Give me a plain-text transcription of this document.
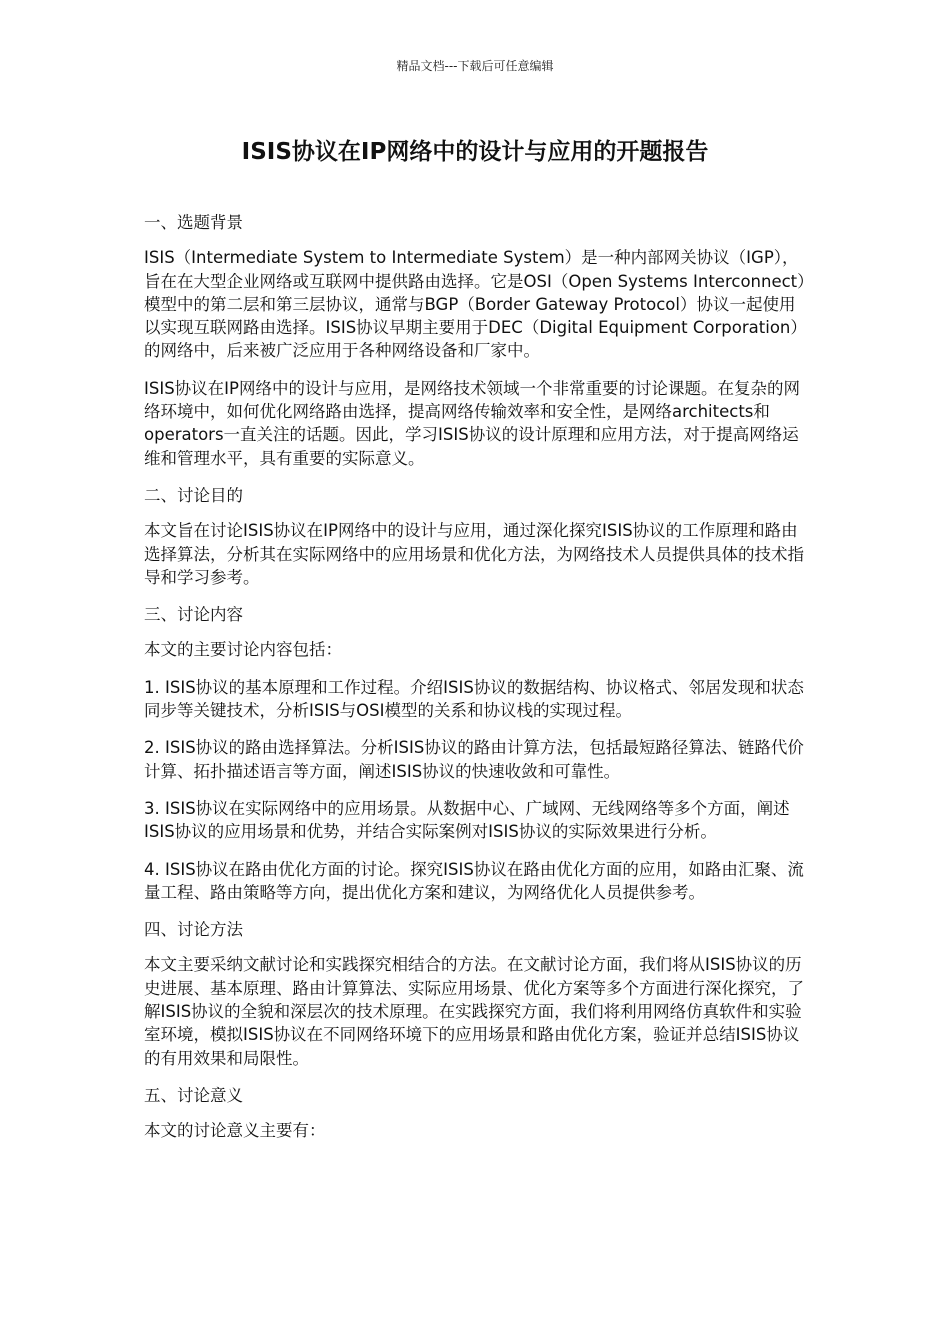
精品文档---下载后可任意编辑
ISIS协议在IP网络中的设计与应用的开题报告

一、选题背景

ISIS（Intermediate System to Intermediate System）是一种内部网关协议（IGP），旨在在大型企业网络或互联网中提供路由选择。它是OSI（Open Systems Interconnect）模型中的第二层和第三层协议，通常与BGP（Border Gateway Protocol）协议一起使用以实现互联网路由选择。ISIS协议早期主要用于DEC（Digital Equipment Corporation）的网络中，后来被广泛应用于各种网络设备和厂家中。

ISIS协议在IP网络中的设计与应用，是网络技术领域一个非常重要的讨论课题。在复杂的网络环境中，如何优化网络路由选择，提高网络传输效率和安全性，是网络architects和operators一直关注的话题。因此，学习ISIS协议的设计原理和应用方法，对于提高网络运维和管理水平，具有重要的实际意义。

二、讨论目的

本文旨在讨论ISIS协议在IP网络中的设计与应用，通过深化探究ISIS协议的工作原理和路由选择算法，分析其在实际网络中的应用场景和优化方法，为网络技术人员提供具体的技术指导和学习参考。

三、讨论内容

本文的主要讨论内容包括：

1. ISIS协议的基本原理和工作过程。介绍ISIS协议的数据结构、协议格式、邻居发现和状态同步等关键技术，分析ISIS与OSI模型的关系和协议栈的实现过程。

2. ISIS协议的路由选择算法。分析ISIS协议的路由计算方法，包括最短路径算法、链路代价计算、拓扑描述语言等方面，阐述ISIS协议的快速收敛和可靠性。

3. ISIS协议在实际网络中的应用场景。从数据中心、广域网、无线网络等多个方面，阐述ISIS协议的应用场景和优势，并结合实际案例对ISIS协议的实际效果进行分析。

4. ISIS协议在路由优化方面的讨论。探究ISIS协议在路由优化方面的应用，如路由汇聚、流量工程、路由策略等方向，提出优化方案和建议，为网络优化人员提供参考。

四、讨论方法

本文主要采纳文献讨论和实践探究相结合的方法。在文献讨论方面，我们将从ISIS协议的历史进展、基本原理、路由计算算法、实际应用场景、优化方案等多个方面进行深化探究，了解ISIS协议的全貌和深层次的技术原理。在实践探究方面，我们将利用网络仿真软件和实验室环境，模拟ISIS协议在不同网络环境下的应用场景和路由优化方案，验证并总结ISIS协议的有用效果和局限性。

五、讨论意义

本文的讨论意义主要有：
